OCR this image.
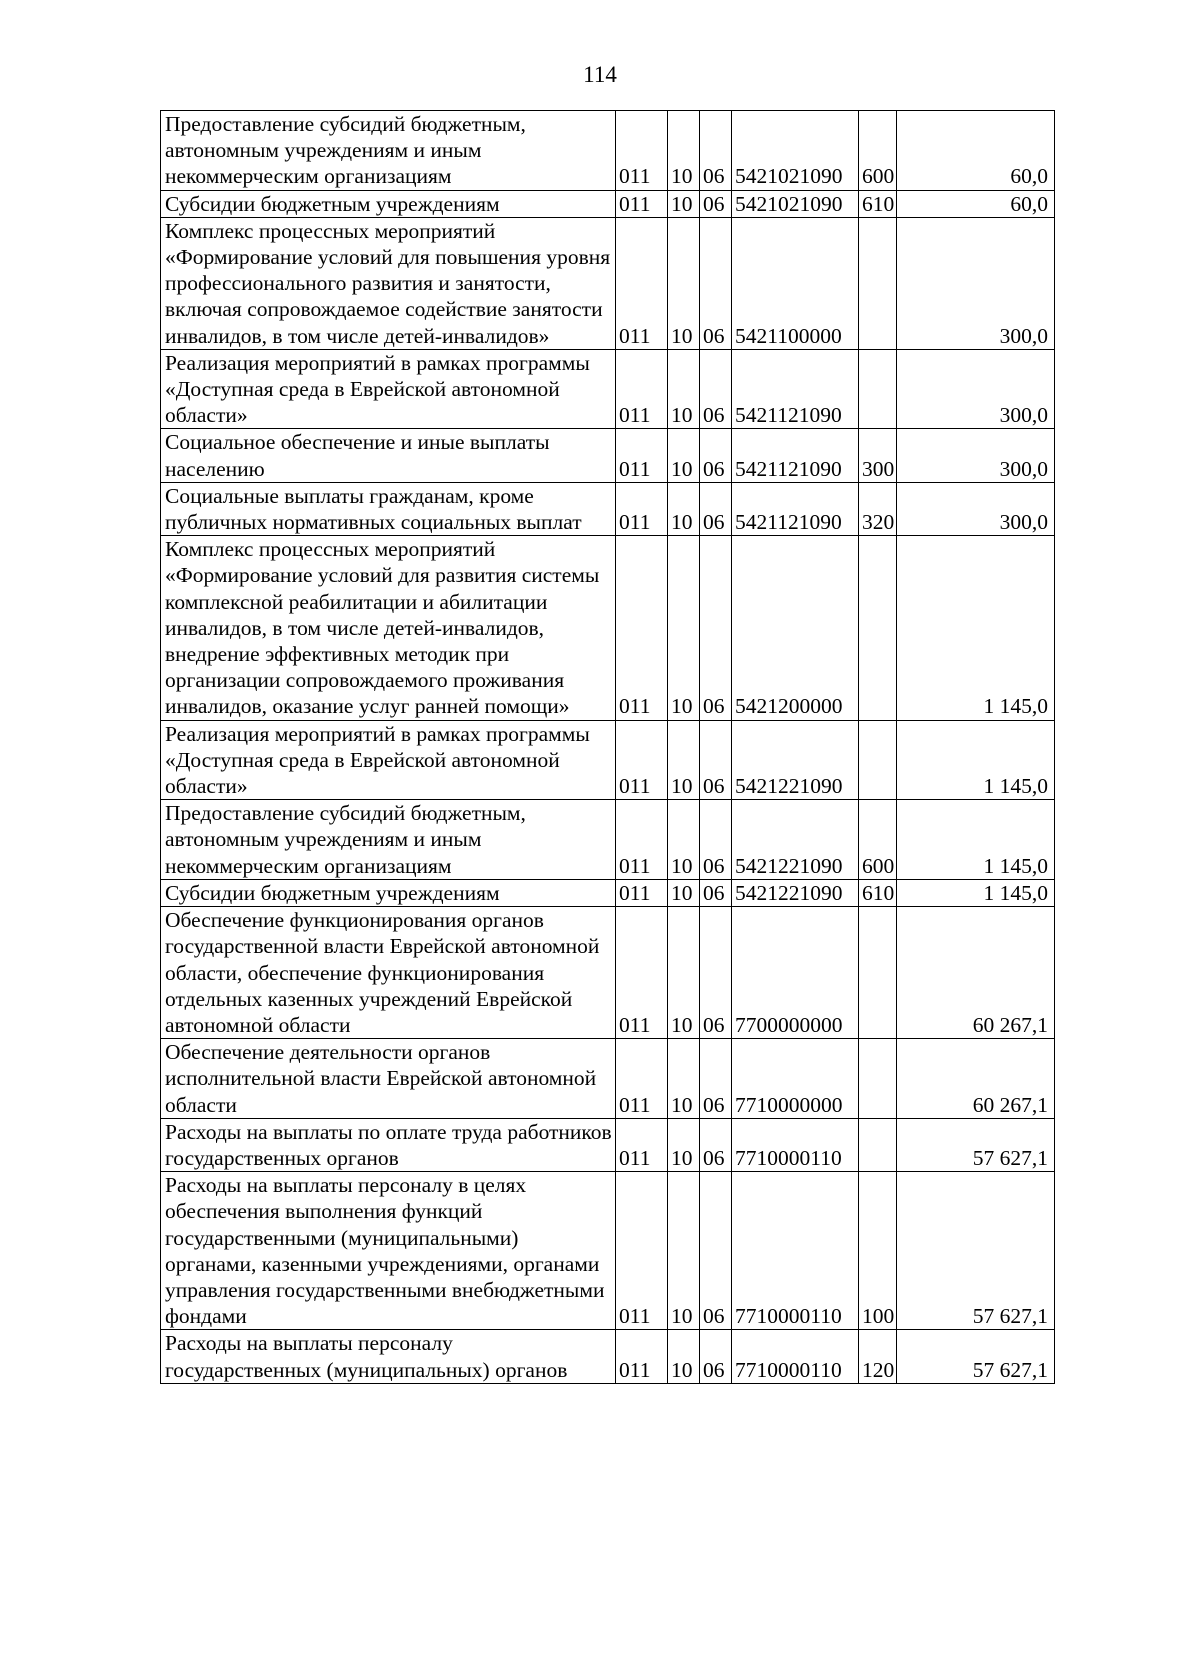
114
Предоставление субсидий бюджетным, автономным учреждениям и иным некоммерческим организациям	011	10	06	5421021090	600	60,0
Субсидии бюджетным учреждениям	011	10	06	5421021090	610	60,0
Комплекс процессных мероприятий «Формирование условий для повышения уровня профессионального развития и занятости, включая сопровождаемое содействие занятости инвалидов, в том числе детей-инвалидов»	011	10	06	5421100000		300,0
Реализация мероприятий в рамках программы «Доступная среда в Еврейской автономной области»	011	10	06	5421121090		300,0
Социальное обеспечение и иные выплаты населению	011	10	06	5421121090	300	300,0
Социальные выплаты гражданам, кроме публичных нормативных социальных выплат	011	10	06	5421121090	320	300,0
Комплекс процессных мероприятий «Формирование условий для развития системы комплексной реабилитации и абилитации инвалидов, в том числе детей-инвалидов, внедрение эффективных методик при организации сопровождаемого проживания инвалидов, оказание услуг ранней помощи»	011	10	06	5421200000		1 145,0
Реализация мероприятий в рамках программы «Доступная среда в Еврейской автономной области»	011	10	06	5421221090		1 145,0
Предоставление субсидий бюджетным, автономным учреждениям и иным некоммерческим организациям	011	10	06	5421221090	600	1 145,0
Субсидии бюджетным учреждениям	011	10	06	5421221090	610	1 145,0
Обеспечение функционирования органов государственной власти Еврейской автономной области, обеспечение функционирования отдельных казенных учреждений Еврейской автономной области	011	10	06	7700000000		60 267,1
Обеспечение деятельности органов исполнительной власти Еврейской автономной области	011	10	06	7710000000		60 267,1
Расходы на выплаты по оплате труда работников государственных органов	011	10	06	7710000110		57 627,1
Расходы на выплаты персоналу в целях обеспечения выполнения функций государственными (муниципальными) органами, казенными учреждениями, органами управления государственными внебюджетными фондами	011	10	06	7710000110	100	57 627,1
Расходы на выплаты персоналу государственных (муниципальных) органов	011	10	06	7710000110	120	57 627,1
